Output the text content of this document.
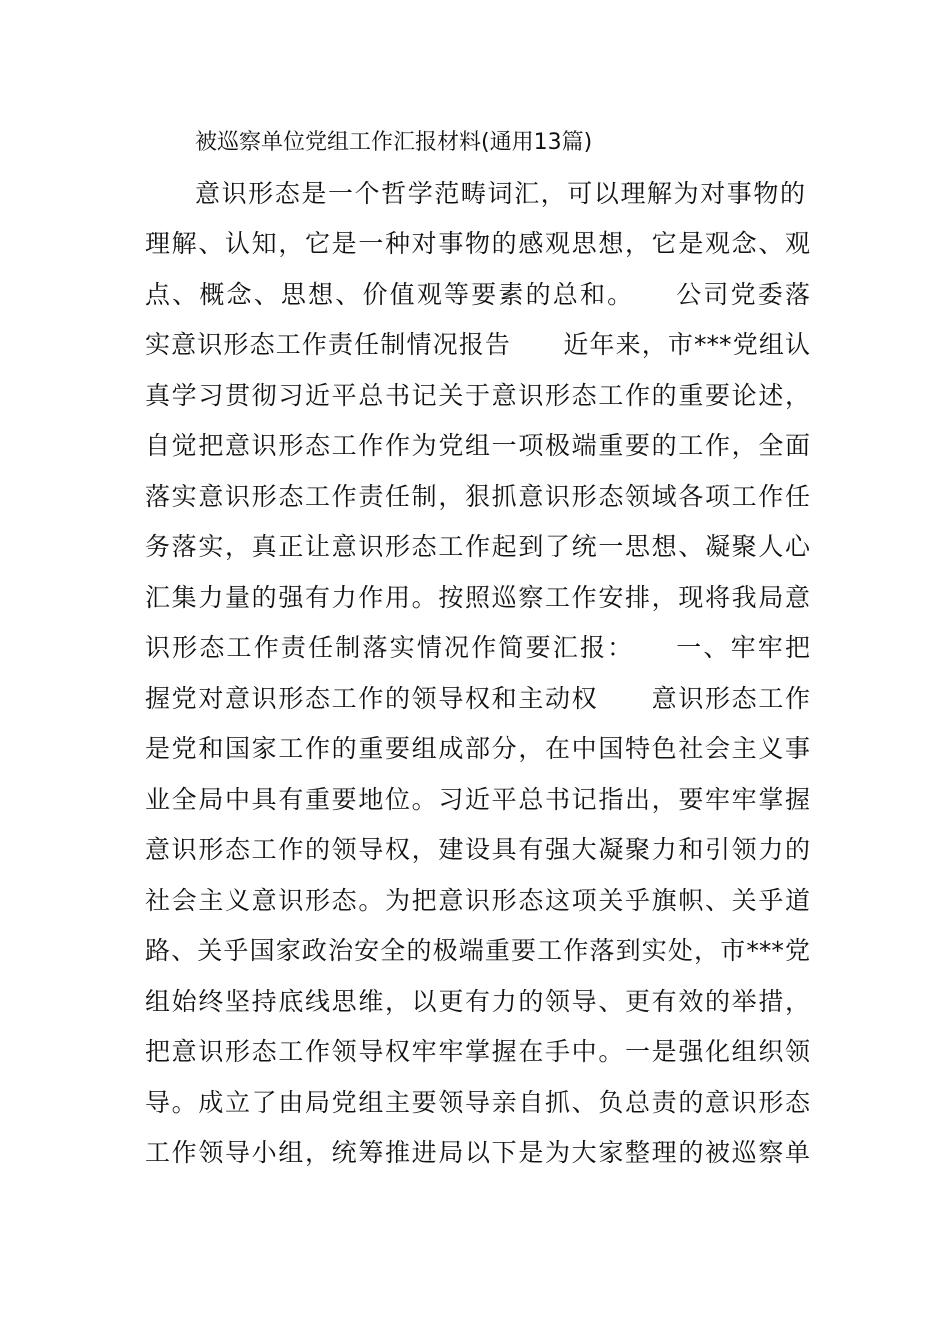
被巡察单位党组工作汇报材料(通用13篇)
意识形态是一个哲学范畴词汇，可以理解为对事物的
理解、认知，它是一种对事物的感观思想，它是观念、观
点、概念、思想、价值观等要素的总和。　　公司党委落
实意识形态工作责任制情况报告　　近年来，市***党组认
真学习贯彻习近平总书记关于意识形态工作的重要论述，
自觉把意识形态工作作为党组一项极端重要的工作，全面
落实意识形态工作责任制，狠抓意识形态领域各项工作任
务落实，真正让意识形态工作起到了统一思想、凝聚人心
汇集力量的强有力作用。按照巡察工作安排，现将我局意
识形态工作责任制落实情况作简要汇报：　　一、牢牢把
握党对意识形态工作的领导权和主动权　　意识形态工作
是党和国家工作的重要组成部分，在中国特色社会主义事
业全局中具有重要地位。习近平总书记指出，要牢牢掌握
意识形态工作的领导权，建设具有强大凝聚力和引领力的
社会主义意识形态。为把意识形态这项关乎旗帜、关乎道
路、关乎国家政治安全的极端重要工作落到实处，市***党
组始终坚持底线思维，以更有力的领导、更有效的举措，
把意识形态工作领导权牢牢掌握在手中。一是强化组织领
导。成立了由局党组主要领导亲自抓、负总责的意识形态
工作领导小组，统筹推进局以下是为大家整理的被巡察单
